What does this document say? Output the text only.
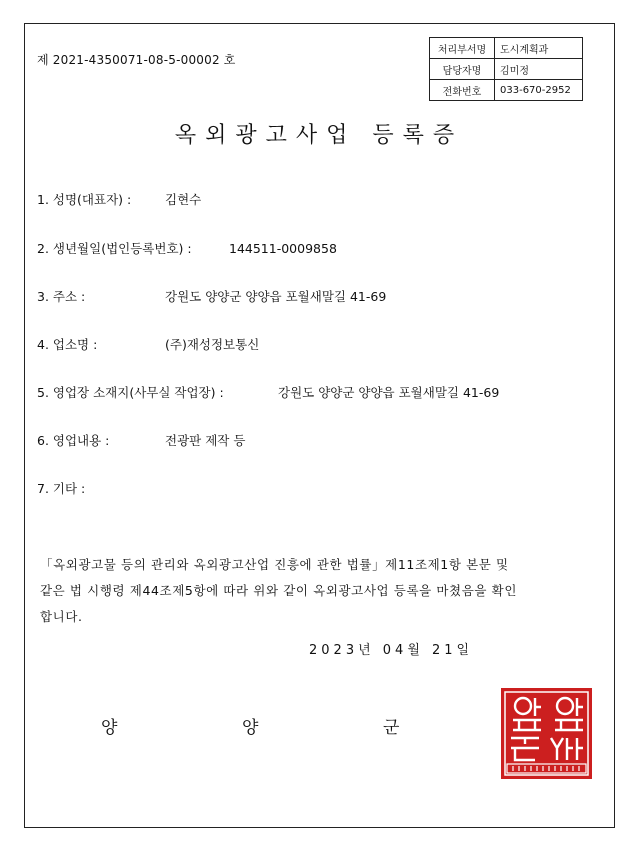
제 2021-4350071-08-5-00002 호
처리부서명	도시계획과
담당자명	김미정
전화번호	033-670-2952
옥외광고사업 등록증
1. 성명(대표자) :	김현수
2. 생년월일(법인등록번호) :	144511-0009858
3. 주소 :	강원도 양양군 양양읍 포월새말길 41-69
4. 업소명 :	(주)재성정보통신
5. 영업장 소재지(사무실 작업장) :	강원도 양양군 양양읍 포월새말길 41-69
6. 영업내용 :	전광판 제작 등
7. 기타 :

「옥외광고물 등의 관리와 옥외광고산업 진흥에 관한 법률」제11조제1항 본문 및

같은 법 시행령 제44조제5항에 따라 위와 같이 옥외광고사업 등록을 마쳤음을 확인

합니다.

2023년 04월 21일
양	양	군
